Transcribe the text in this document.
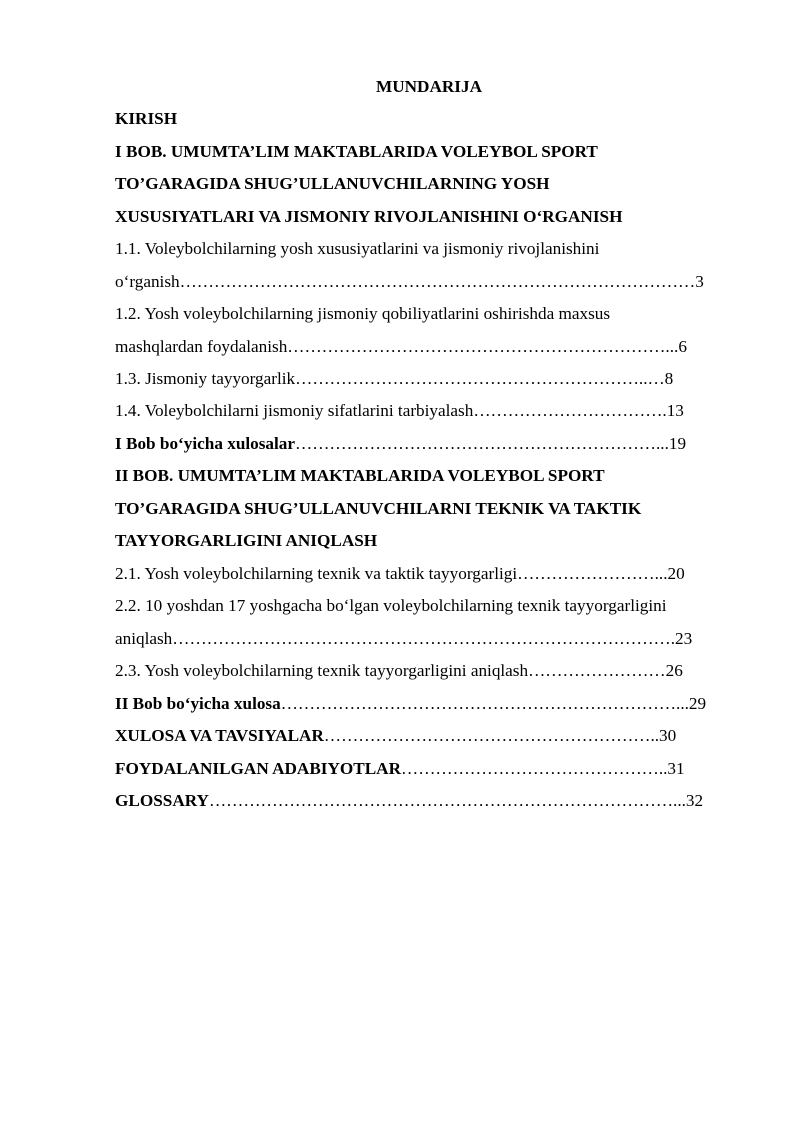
MUNDARIJA
KIRISH
I BOB. UMUMTA’LIM MAKTABLARIDA VOLEYBOL SPORT
TO’GARAGIDA SHUG’ULLANUVCHILARNING YOSH
XUSUSIYATLARI VA JISMONIY RIVOJLANISHINI O‘RGANISH
1.1. Voleybolchilarning yosh xususiyatlarini va jismoniy rivojlanishini
o‘rganish………………………………………………………………………………3
1.2. Yosh voleybolchilarning jismoniy qobiliyatlarini oshirishda maxsus
mashqlardan foydalanish…………………………………………………………...6
1.3. Jismoniy tayyorgarlik……………………………………………………..…8
1.4. Voleybolchilarni jismoniy sifatlarini tarbiyalash…………………………….13
I Bob bo‘yicha xulosalar………………………………………………………...19
II BOB. UMUMTA’LIM MAKTABLARIDA VOLEYBOL SPORT
TO’GARAGIDA SHUG’ULLANUVCHILARNI TEKNIK VA TAKTIK
TAYYORGARLIGINI ANIQLASH
2.1. Yosh voleybolchilarning texnik va taktik tayyorgarligi……………………...20
2.2. 10 yoshdan 17 yoshgacha bo‘lgan voleybolchilarning texnik tayyorgarligini
aniqlash…………………………………………………………………………….23
2.3. Yosh voleybolchilarning texnik tayyorgarligini aniqlash……………………26
II Bob bo‘yicha xulosa……………………………………………………………...29
XULOSA VA TAVSIYALAR…………………………………………………..30
FOYDALANILGAN ADABIYOTLAR………………………………………..31
GLOSSARY………………………………………………………………………...32
